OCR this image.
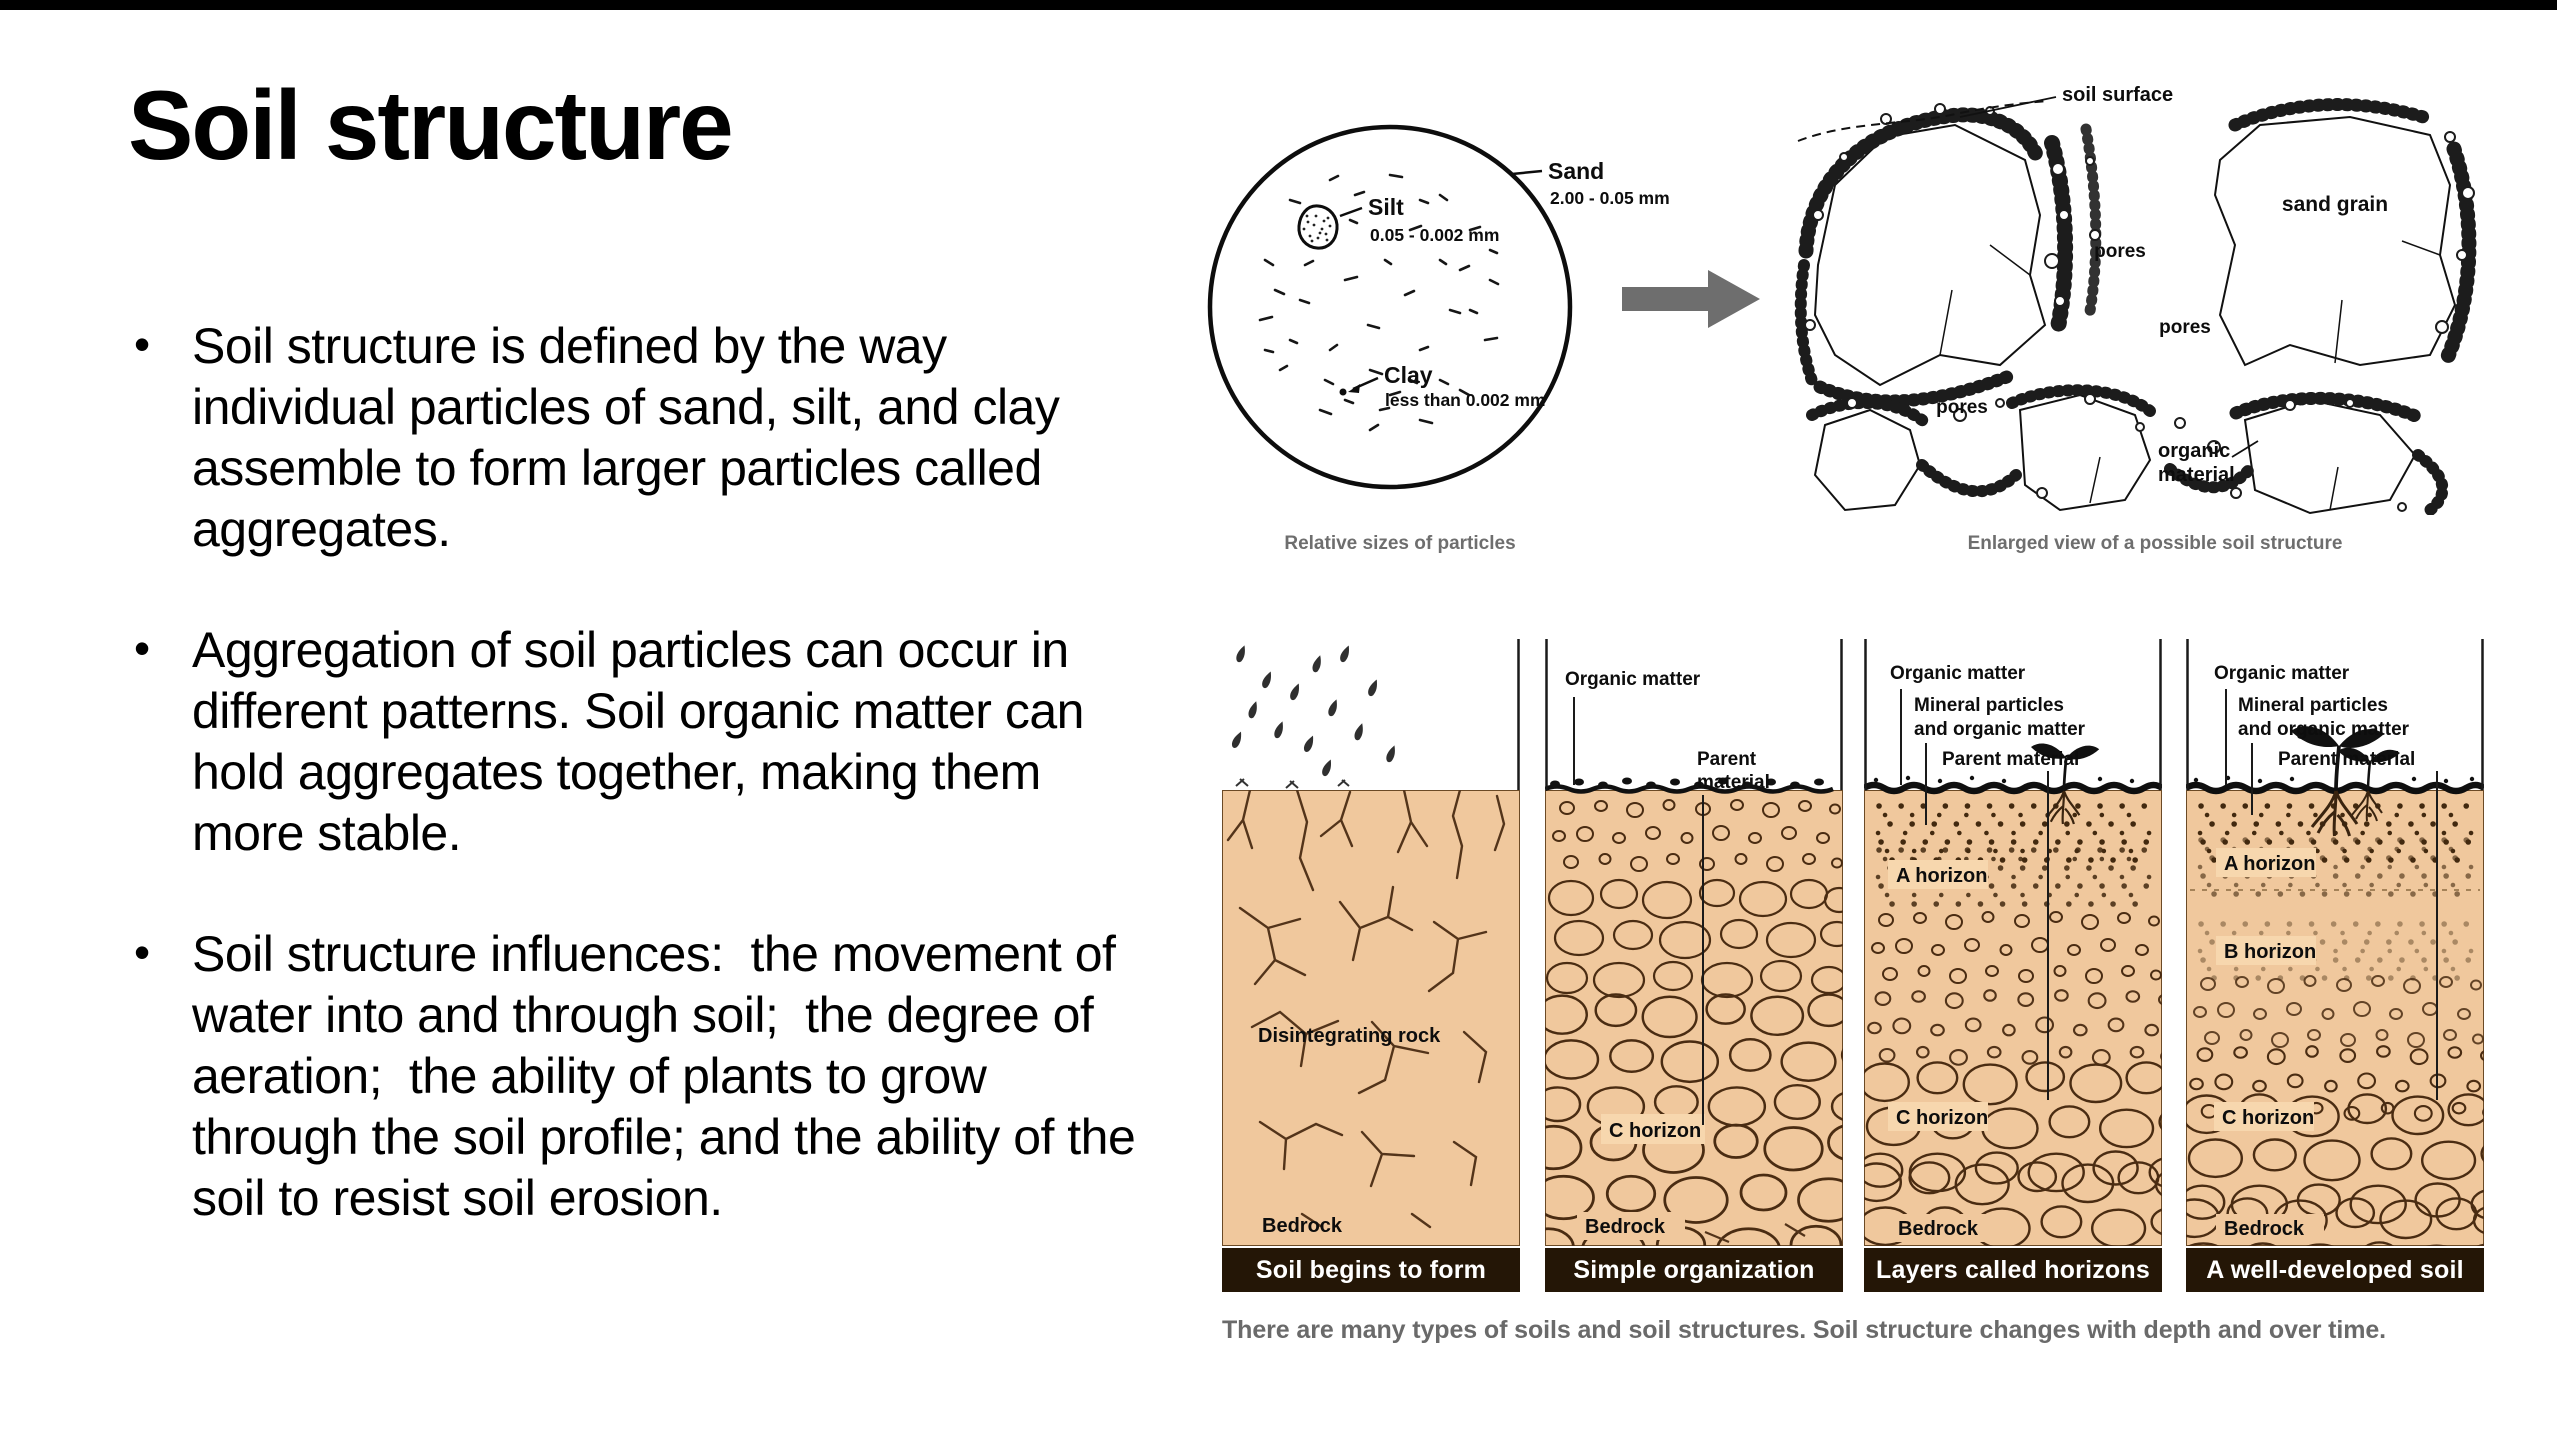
Soil structure
• Soil structure is defined by the way individual particles of sand, silt, and clay assemble to form larger particles called aggregates.
• Aggregation of soil particles can occur in different patterns. Soil organic matter can hold aggregates together, making them more stable.
• Soil structure influences:  the movement of water into and through soil;  the degree of aeration;  the ability of plants to grow through the soil profile; and the ability of the soil to resist soil erosion.
Silt
0.05 - 0.002 mm
Sand
2.00 - 0.05 mm
Clay
less than 0.002 mm
Relative sizes of particles
soil surface
sand grain
pores
pores
pores
organic
material
Enlarged view of a possible soil structure
Disintegrating rock
Bedrock
Soil begins to form
C horizon
Bedrock
Organic matter
Parent
material
Simple organization
A horizon
C horizon
Bedrock
Organic matter
Mineral particles
and organic matter
Parent material
Layers called horizons
A horizon
B horizon
C horizon
Bedrock
Organic matter
Mineral particles
and organic matter
Parent material
A well-developed soil
There are many types of soils and soil structures. Soil structure changes with depth and over time.
